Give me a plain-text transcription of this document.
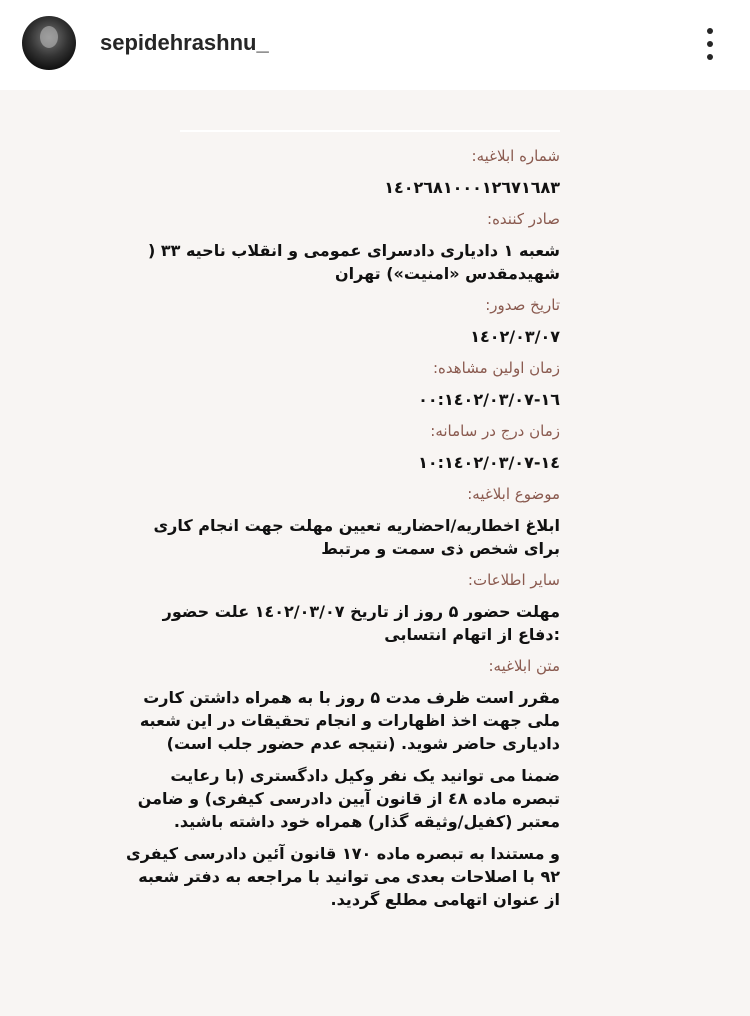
sepidehrashnu_
شماره ابلاغیه:
۱٤۰۲٦۸۱۰۰۰۱۲٦۷۱٦۸۳
صادر کننده:
شعبه ۱ دادیاری دادسرای عمومی و انقلاب ناحیه ۳۳ ( شهیدمقدس «امنیت») تهران
تاریخ صدور:
۱٤۰۲/۰۳/۰۷
زمان اولین مشاهده:
۱٤۰۲/۰۳/۰۷-۱٦:۰۰
زمان درج در سامانه:
۱٤۰۲/۰۳/۰۷-۱٤:۱۰
موضوع ابلاغیه:
ابلاغ اخطاریه/احضاریه تعیین مهلت جهت انجام کاری برای شخص ذی سمت و مرتبط
سایر اطلاعات:
مهلت حضور ۵ روز از تاریخ ۱٤۰۲/۰۳/۰۷ علت حضور :دفاع از اتهام انتسابی
متن ابلاغیه:
مقرر است ظرف مدت ۵ روز با به همراه داشتن کارت ملی جهت اخذ اظهارات و انجام تحقیقات در این شعبه دادیاری حاضر شوید. (نتیجه عدم حضور جلب است)
ضمنا می توانید یک نفر وکیل دادگستری (با رعایت تبصره ماده ٤۸ از قانون آیین دادرسی کیفری) و ضامن معتبر (کفیل/وثیقه گذار) همراه خود داشته باشید.
و مستندا به تبصره ماده ۱۷۰ قانون آئین دادرسی کیفری ۹۲ با اصلاحات بعدی می توانید با مراجعه به دفتر شعبه از عنوان اتهامی مطلع گردید.
